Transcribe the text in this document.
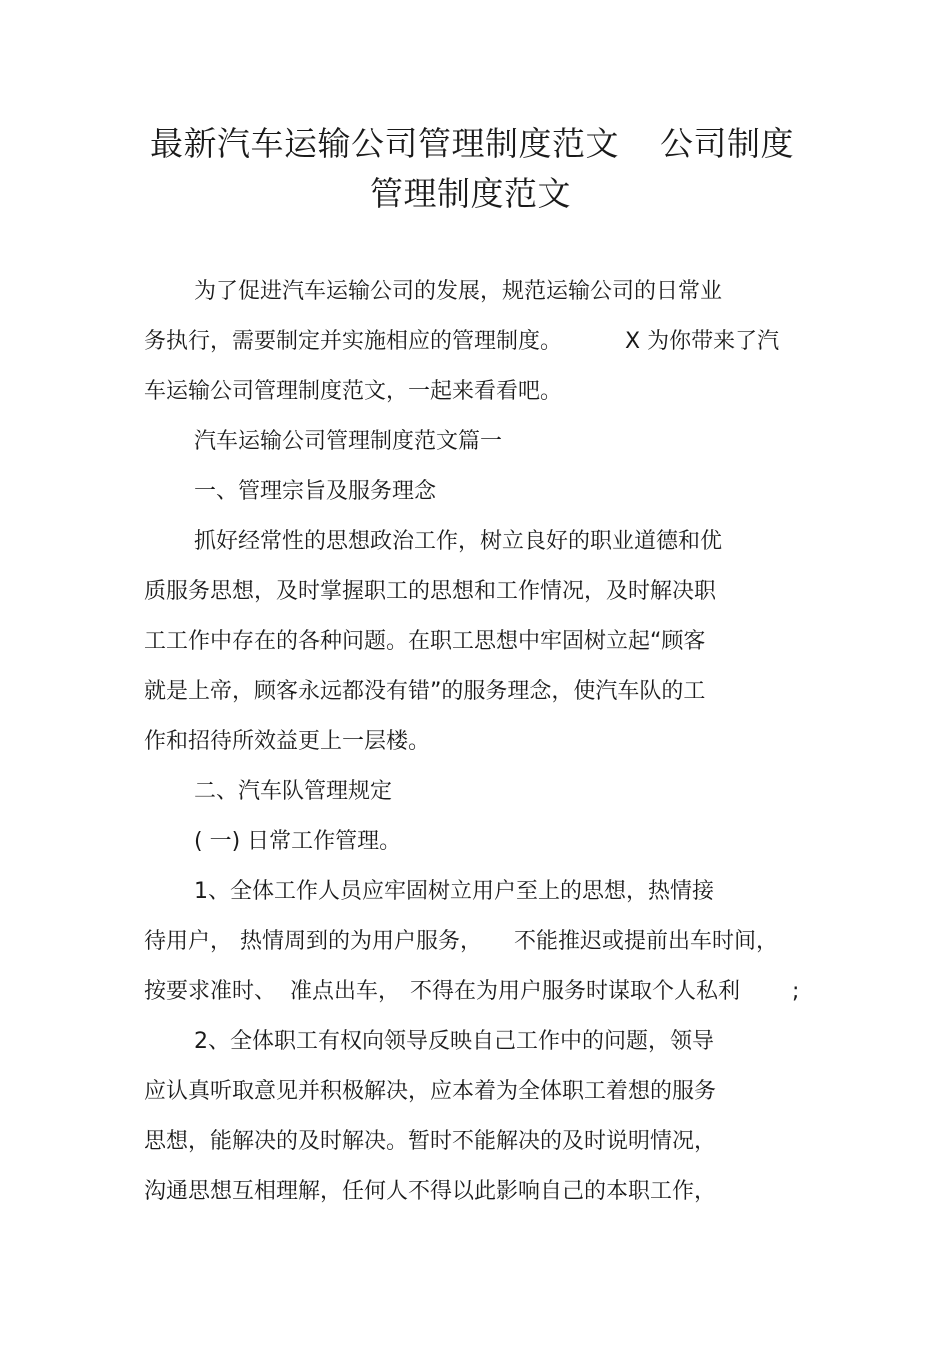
最新汽车运输公司管理制度范文 公司制度
管理制度范文
为了促进汽车运输公司的发展，规范运输公司的日常业
务执行，需要制定并实施相应的管理制度。	X 为你带来了汽
车运输公司管理制度范文，一起来看看吧。
汽车运输公司管理制度范文篇一
一、管理宗旨及服务理念
抓好经常性的思想政治工作，树立良好的职业道德和优
质服务思想，及时掌握职工的思想和工作情况，及时解决职
工工作中存在的各种问题。在职工思想中牢固树立起“顾客
就是上帝，顾客永远都没有错”的服务理念，使汽车队的工
作和招待所效益更上一层楼。
二、汽车队管理规定
( 一) 日常工作管理。
1、全体工作人员应牢固树立用户至上的思想，热情接
待用户， 热情周到的为用户服务， 不能推迟或提前出车时间，
按要求准时、 准点出车， 不得在为用户服务时谋取个人私利 ;
2、全体职工有权向领导反映自己工作中的问题，领导
应认真听取意见并积极解决，应本着为全体职工着想的服务
思想，能解决的及时解决。暂时不能解决的及时说明情况，
沟通思想互相理解，任何人不得以此影响自己的本职工作，
